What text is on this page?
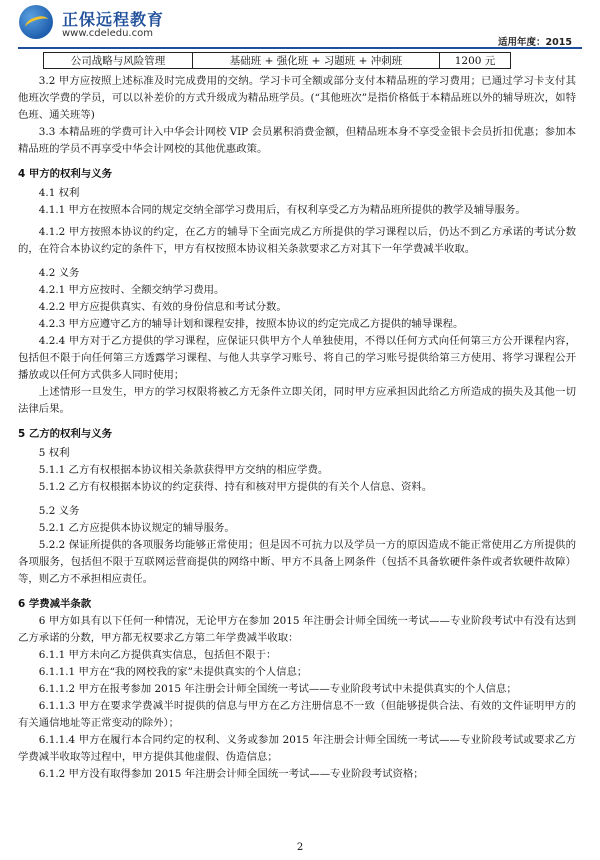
正保远程教育
www.cdeledu.com
适用年度：2015
公司战略与风险管理	基础班 + 强化班 + 习题班 + 冲刺班	1200 元

3.2 甲方应按照上述标准及时完成费用的交纳。学习卡可全额或部分支付本精品班的学习费用；已通过学习卡支付其他班次学费的学员，可以以补差价的方式升级成为精品班学员。(“其他班次”是指价格低于本精品班以外的辅导班次，如特色班、通关班等)

3.3 本精品班的学费可计入中华会计网校 VIP 会员累积消费金额，但精品班本身不享受金银卡会员折扣优惠；参加本精品班的学员不再享受中华会计网校的其他优惠政策。

4 甲方的权利与义务

4.1 权利

4.1.1 甲方在按照本合同的规定交纳全部学习费用后，有权利享受乙方为精品班所提供的教学及辅导服务。

4.1.2 甲方按照本协议的约定，在乙方的辅导下全面完成乙方所提供的学习课程以后，仍达不到乙方承诺的考试分数的，在符合本协议约定的条件下，甲方有权按照本协议相关条款要求乙方对其下一年学费减半收取。

4.2 义务

4.2.1 甲方应按时、全额交纳学习费用。

4.2.2 甲方应提供真实、有效的身份信息和考试分数。

4.2.3 甲方应遵守乙方的辅导计划和课程安排，按照本协议的约定完成乙方提供的辅导课程。

4.2.4 甲方对于乙方提供的学习课程，应保证只供甲方个人单独使用，不得以任何方式向任何第三方公开课程内容，包括但不限于向任何第三方透露学习课程、与他人共享学习账号、将自己的学习账号提供给第三方使用、将学习课程公开播放或以任何方式供多人同时使用；

上述情形一旦发生，甲方的学习权限将被乙方无条件立即关闭，同时甲方应承担因此给乙方所造成的损失及其他一切法律后果。

5 乙方的权利与义务

5 权利

5.1.1 乙方有权根据本协议相关条款获得甲方交纳的相应学费。

5.1.2 乙方有权根据本协议的约定获得、持有和核对甲方提供的有关个人信息、资料。

5.2 义务

5.2.1 乙方应提供本协议规定的辅导服务。

5.2.2 保证所提供的各项服务均能够正常使用；但是因不可抗力以及学员一方的原因造成不能正常使用乙方所提供的各项服务，包括但不限于互联网运营商提供的网络中断、甲方不具备上网条件（包括不具备软硬件条件或者软硬件故障）等，则乙方不承担相应责任。

6 学费减半条款

6 甲方如具有以下任何一种情况，无论甲方在参加 2015 年注册会计师全国统一考试——专业阶段考试中有没有达到乙方承诺的分数，甲方都无权要求乙方第二年学费减半收取：

6.1.1 甲方未向乙方提供真实信息，包括但不限于：

6.1.1.1 甲方在“我的网校我的家”未提供真实的个人信息；

6.1.1.2 甲方在报考参加 2015 年注册会计师全国统一考试——专业阶段考试中未提供真实的个人信息；

6.1.1.3 甲方在要求学费减半时提供的信息与甲方在乙方注册信息不一致（但能够提供合法、有效的文件证明甲方的有关通信地址等正常变动的除外）；

6.1.1.4 甲方在履行本合同约定的权利、义务或参加 2015 年注册会计师全国统一考试——专业阶段考试或要求乙方学费减半收取等过程中，甲方提供其他虚假、伪造信息；

6.1.2 甲方没有取得参加 2015 年注册会计师全国统一考试——专业阶段考试资格；

2
